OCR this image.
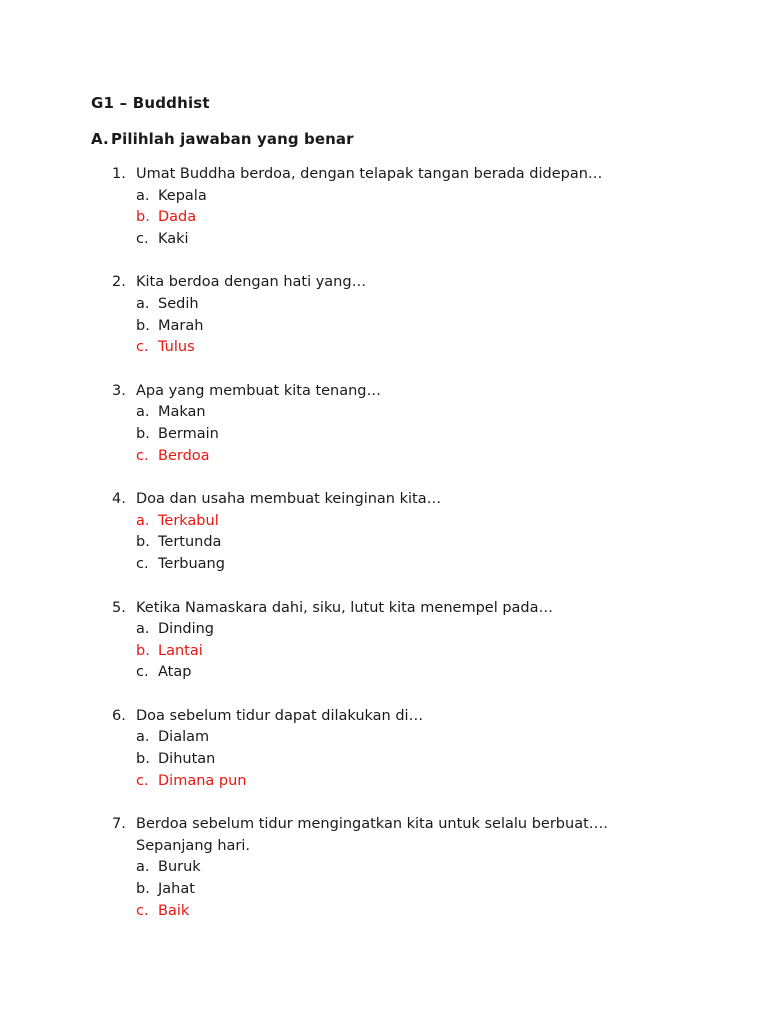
G1 – Buddhist
A. Pilihlah jawaban yang benar
1. Umat Buddha berdoa, dengan telapak tangan berada didepan…
a. Kepala
b. Dada
c. Kaki
2. Kita berdoa dengan hati yang…
a. Sedih
b. Marah
c. Tulus
3. Apa yang membuat kita tenang…
a. Makan
b. Bermain
c. Berdoa
4. Doa dan usaha membuat keinginan kita…
a. Terkabul
b. Tertunda
c. Terbuang
5. Ketika Namaskara dahi, siku, lutut kita menempel pada…
a. Dinding
b. Lantai
c. Atap
6. Doa sebelum tidur dapat dilakukan di…
a. Dialam
b. Dihutan
c. Dimana pun
7. Berdoa sebelum tidur mengingatkan kita untuk selalu berbuat…. Sepanjang hari.
a. Buruk
b. Jahat
c. Baik
